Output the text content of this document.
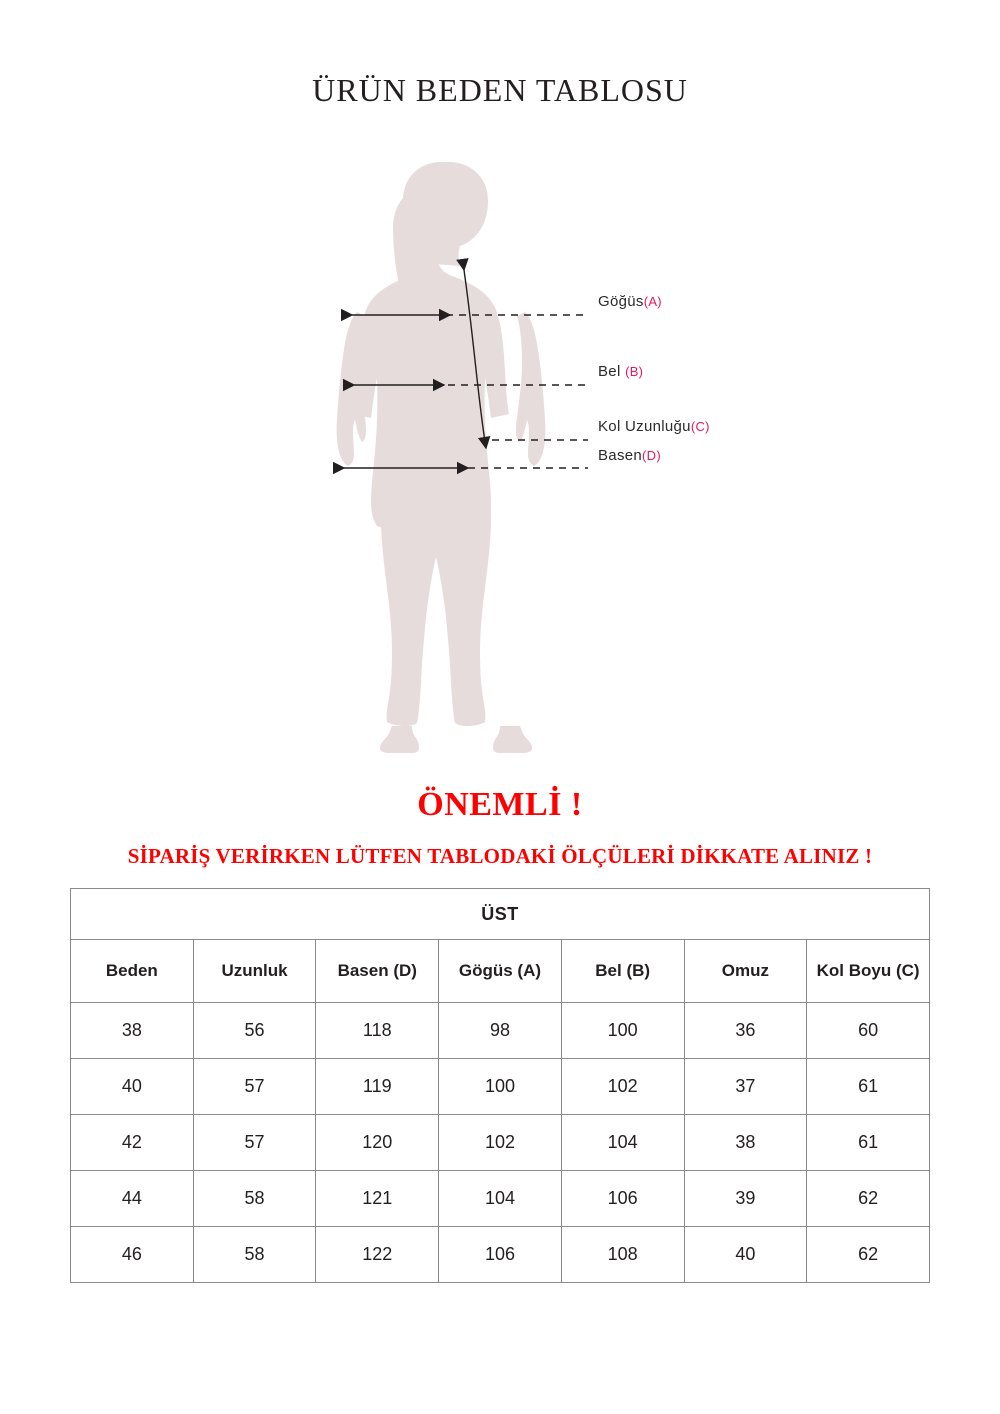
ÜRÜN BEDEN TABLOSU
Göğüs(A)
Bel (B)
Kol Uzunluğu(C)
Basen(D)
ÖNEMLİ !
SİPARİŞ VERİRKEN LÜTFEN TABLODAKİ ÖLÇÜLERİ DİKKATE ALINIZ !
ÜST						
Beden	Uzunluk	Basen (D)	Gögüs (A)	Bel (B)	Omuz	Kol Boyu (C)
38	56	118	98	100	36	60
40	57	119	100	102	37	61
42	57	120	102	104	38	61
44	58	121	104	106	39	62
46	58	122	106	108	40	62
